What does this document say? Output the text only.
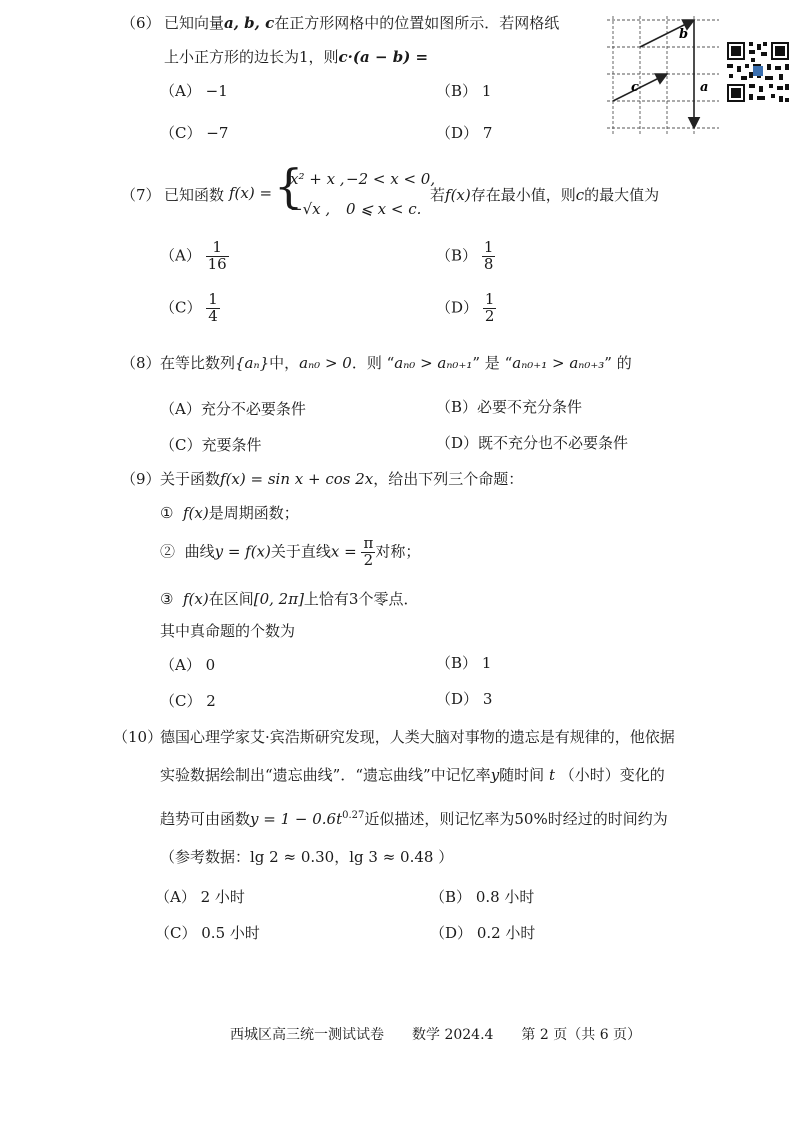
（6） 已知向量a, b, c在正方形网格中的位置如图所示．若网格纸
上小正方形的边长为1，则c·(a − b) =
（A） −1	（B） 1
（C） −7	（D） 7
b
c	a
（7） 已知函数 f(x) = {
x² + x , −2 < x < 0,
−√x , 0 ⩽ x < c.
若f(x)存在最小值，则c的最大值为
$(A) \frac{1}{16}$	$(B) \frac{1}{8}$
$(C) \frac{1}{4}$	$(D) \frac{1}{2}$
（8） 在等比数列{aₙ}中，aₙ₀ > 0．则 “aₙ₀ > aₙ₀₊₁” 是 “aₙ₀₊₁ > aₙ₀₊₃” 的
（A）充分不必要条件	（B）必要不充分条件
（C）充要条件	（D）既不充分也不必要条件
（9） 关于函数f(x) = sin x + cos 2x，给出下列三个命题：
① f(x)是周期函数；
② 曲线y = f(x)关于直线$x = \frac{\pi}{2}$ 对称；
③ f(x)在区间[0, 2π]上恰有3个零点．
其中真命题的个数为
（A） 0	（B） 1
（C） 2	（D） 3
（10）
德国心理学家艾·宾浩斯研究发现，人类大脑对事物的遗忘是有规律的，他依据
实验数据绘制出“遗忘曲线”．“遗忘曲线”中记忆率y随时间 t （小时）变化的
趋势可由函数$y = 1 - 0.6t^{0.27}$近似描述，则记忆率为50%时经过的时间约为
（参考数据：lg 2 ≈ 0.30，lg 3 ≈ 0.48 ）
（A） 2 小时	（B） 0.8 小时
（C） 0.5 小时	（D） 0.2 小时
西城区高三统一测试试卷　　数学 2024.4　　第 2 页（共 6 页）
